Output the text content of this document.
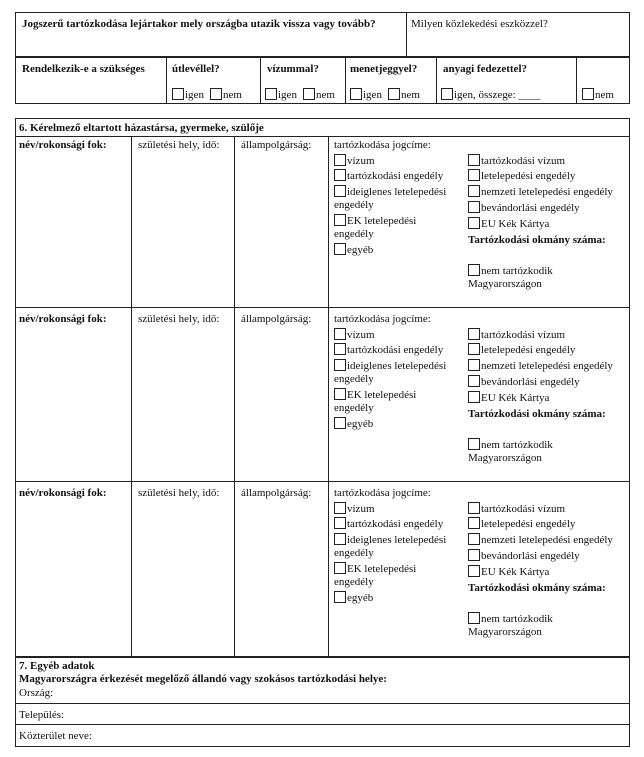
Jogszerű tartózkodása lejártakor mely országba utazik vissza vagy tovább?	Milyen közlekedési eszközzel?
Rendelkezik-e a szükséges útlevéllel?	vízummal?	menetjeggyel? anyagi fedezettel?
igen	nem	igen	nem	igen	nem	igen, összege: ____	nem
6. Kérelmező eltartott házastársa, gyermeke, szülője
név/rokonsági fok:	születési hely, idő: állampolgárság: tartózkodása jogcíme:
vízum
tartózkodási engedély
ideiglenes letelepedési engedély
EK letelepedési engedély
egyéb
tartózkodási vízum
letelepedési engedély
nemzeti letelepedési engedély
bevándorlási engedély
EU Kék Kártya
Tartózkodási okmány száma:
nem tartózkodik Magyarországon
név/rokonsági fok:	születési hely, idő: állampolgárság: tartózkodása jogcíme:
vízum
tartózkodási engedély
ideiglenes letelepedési engedély
EK letelepedési engedély
egyéb
tartózkodási vízum
letelepedési engedély
nemzeti letelepedési engedély
bevándorlási engedély
EU Kék Kártya
Tartózkodási okmány száma:
nem tartózkodik Magyarországon
név/rokonsági fok:	születési hely, idő: állampolgárság: tartózkodása jogcíme:
vízum
tartózkodási engedély
ideiglenes letelepedési engedély
EK letelepedési engedély
egyéb
tartózkodási vízum
letelepedési engedély
nemzeti letelepedési engedély
bevándorlási engedély
EU Kék Kártya
Tartózkodási okmány száma:
nem tartózkodik Magyarországon
7. Egyéb adatok
Magyarországra érkezését megelőző állandó vagy szokásos tartózkodási helye:
Ország:
Település:
Közterület neve:
